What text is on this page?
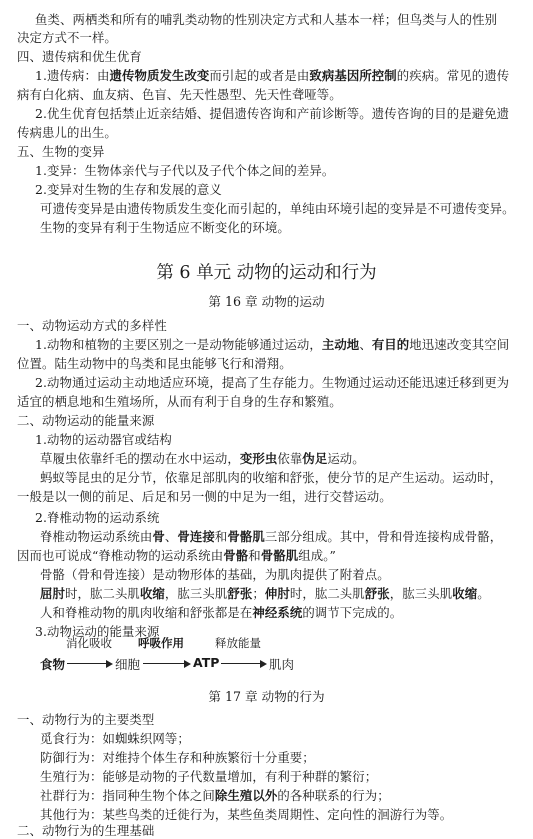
鱼类、两栖类和所有的哺乳类动物的性别决定方式和人基本一样；但鸟类与人的性别
决定方式不一样。
四、遗传病和优生优育
1.遗传病：由遗传物质发生改变而引起的或者是由致病基因所控制的疾病。常见的遗传
病有白化病、血友病、色盲、先天性愚型、先天性聋哑等。
2.优生优育包括禁止近亲结婚、提倡遗传咨询和产前诊断等。遗传咨询的目的是避免遗
传病患儿的出生。
五、生物的变异
1.变异：生物体亲代与子代以及子代个体之间的差异。
2.变异对生物的生存和发展的意义
可遗传变异是由遗传物质发生变化而引起的，单纯由环境引起的变异是不可遗传变异。
生物的变异有利于生物适应不断变化的环境。
一、动物运动方式的多样性
1.动物和植物的主要区别之一是动物能够通过运动，主动地、有目的地迅速改变其空间
位置。陆生动物中的鸟类和昆虫能够飞行和滑翔。
2.动物通过运动主动地适应环境，提高了生存能力。生物通过运动还能迅速迁移到更为
适宜的栖息地和生殖场所，从而有利于自身的生存和繁殖。
二、动物运动的能量来源
1.动物的运动器官或结构
草履虫依靠纤毛的摆动在水中运动，变形虫依靠伪足运动。
蚂蚁等昆虫的足分节，依靠足部肌肉的收缩和舒张，使分节的足产生运动。运动时，
一般是以一侧的前足、后足和另一侧的中足为一组，进行交替运动。
2.脊椎动物的运动系统
脊椎动物运动系统由骨、骨连接和骨骼肌三部分组成。其中，骨和骨连接构成骨骼，
因而也可说成“脊椎动物的运动系统由骨骼和骨骼肌组成。”
骨骼（骨和骨连接）是动物形体的基础，为肌肉提供了附着点。
屈肘时，肱二头肌收缩，肱三头肌舒张；伸肘时，肱二头肌舒张，肱三头肌收缩。
人和脊椎动物的肌肉收缩和舒张都是在神经系统的调节下完成的。
3.动物运动的能量来源
一、动物行为的主要类型
觅食行为：如蜘蛛织网等；
防御行为：对维持个体生存和种族繁衍十分重要；
生殖行为：能够是动物的子代数量增加，有利于种群的繁衍；
社群行为：指同种生物个体之间除生殖以外的各种联系的行为；
其他行为：某些鸟类的迁徙行为，某些鱼类周期性、定向性的洄游行为等。
二、动物行为的生理基础
第 6 单元 动物的运动和行为
第 16 章 动物的运动
第 17 章 动物的行为
消化吸收 呼吸作用	释放能量
食物	细胞	ATP	肌肉
